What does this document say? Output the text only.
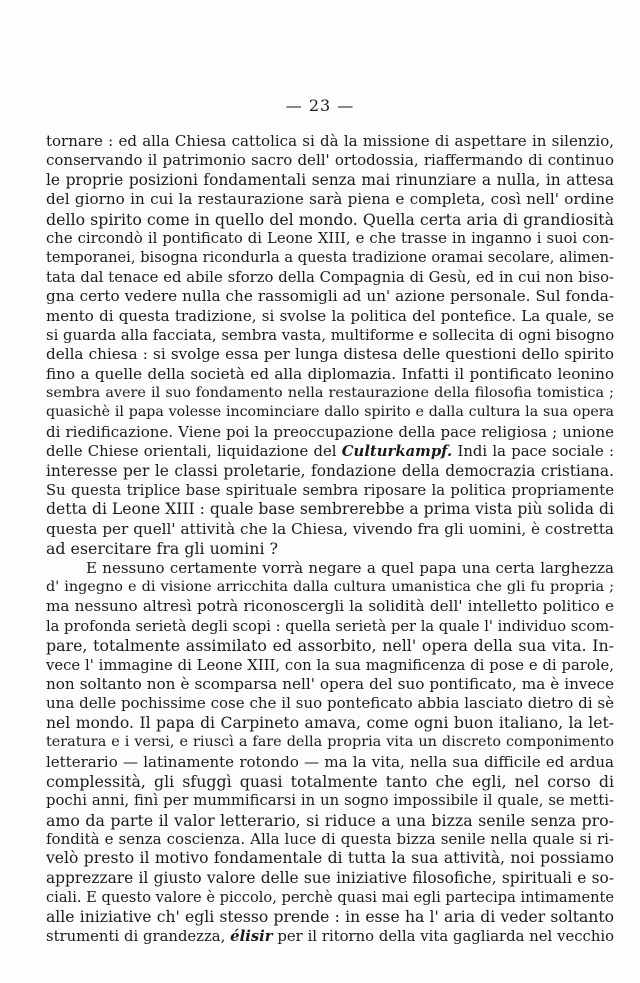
— 23 —
tornare : ed alla Chiesa cattolica si dà la missione di aspettare in silenzio,
conservando il patrimonio sacro dell' ortodossia, riaffermando di continuo
le proprie posizioni fondamentali senza mai rinunziare a nulla, in attesa
del giorno in cui la restaurazione sarà piena e completa, così nell' ordine
dello spirito come in quello del mondo. Quella certa aria di grandiosità
che circondò il pontificato di Leone XIII, e che trasse in inganno i suoi con-
temporanei, bisogna ricondurla a questa tradizione oramai secolare, alimen-
tata dal tenace ed abile sforzo della Compagnia di Gesù, ed in cui non biso-
gna certo vedere nulla che rassomigli ad un' azione personale. Sul fonda-
mento di questa tradizione, si svolse la politica del pontefice. La quale, se
si guarda alla facciata, sembra vasta, multiforme e sollecita di ogni bisogno
della chiesa : si svolge essa per lunga distesa delle questioni dello spirito
fino a quelle della società ed alla diplomazia. Infatti il pontificato leonino
sembra avere il suo fondamento nella restaurazione della filosofia tomistica ;
quasichè il papa volesse incominciare dallo spirito e dalla cultura la sua opera
di riedificazione. Viene poi la preoccupazione della pace religiosa ; unione
delle Chiese orientali, liquidazione del Culturkampf. Indi la pace sociale :
interesse per le classi proletarie, fondazione della democrazia cristiana.
Su questa triplice base spirituale sembra riposare la politica propriamente
detta di Leone XIII : quale base sembrerebbe a prima vista più solida di
questa per quell' attività che la Chiesa, vivendo fra gli uomini, è costretta
ad esercitare fra gli uomini ?
E nessuno certamente vorrà negare a quel papa una certa larghezza
d' ingegno e di visione arricchita dalla cultura umanistica che gli fu propria ;
ma nessuno altresì potrà riconoscergli la solidità dell' intelletto politico e
la profonda serietà degli scopi : quella serietà per la quale l' individuo scom-
pare, totalmente assimilato ed assorbito, nell' opera della sua vita. In-
vece l' immagine di Leone XIII, con la sua magnificenza di pose e di parole,
non soltanto non è scomparsa nell' opera del suo pontificato, ma è invece
una delle pochissime cose che il suo ponteficato abbia lasciato dietro di sè
nel mondo. Il papa di Carpineto amava, come ogni buon italiano, la let-
teratura e i versi, e riuscì a fare della propria vita un discreto componimento
letterario — latinamente rotondo — ma la vita, nella sua difficile ed ardua
complessità, gli sfuggì quasi totalmente tanto che egli, nel corso di
pochi anni, finì per mummificarsi in un sogno impossibile il quale, se metti-
amo da parte il valor letterario, si riduce a una bizza senile senza pro-
fondità e senza coscienza. Alla luce di questa bizza senile nella quale si ri-
velò presto il motivo fondamentale di tutta la sua attività, noi possiamo
apprezzare il giusto valore delle sue iniziative filosofiche, spirituali e so-
ciali. E questo valore è piccolo, perchè quasi mai egli partecipa intimamente
alle iniziative ch' egli stesso prende : in esse ha l' aria di veder soltanto
strumenti di grandezza, élisir per il ritorno della vita gagliarda nel vecchio
